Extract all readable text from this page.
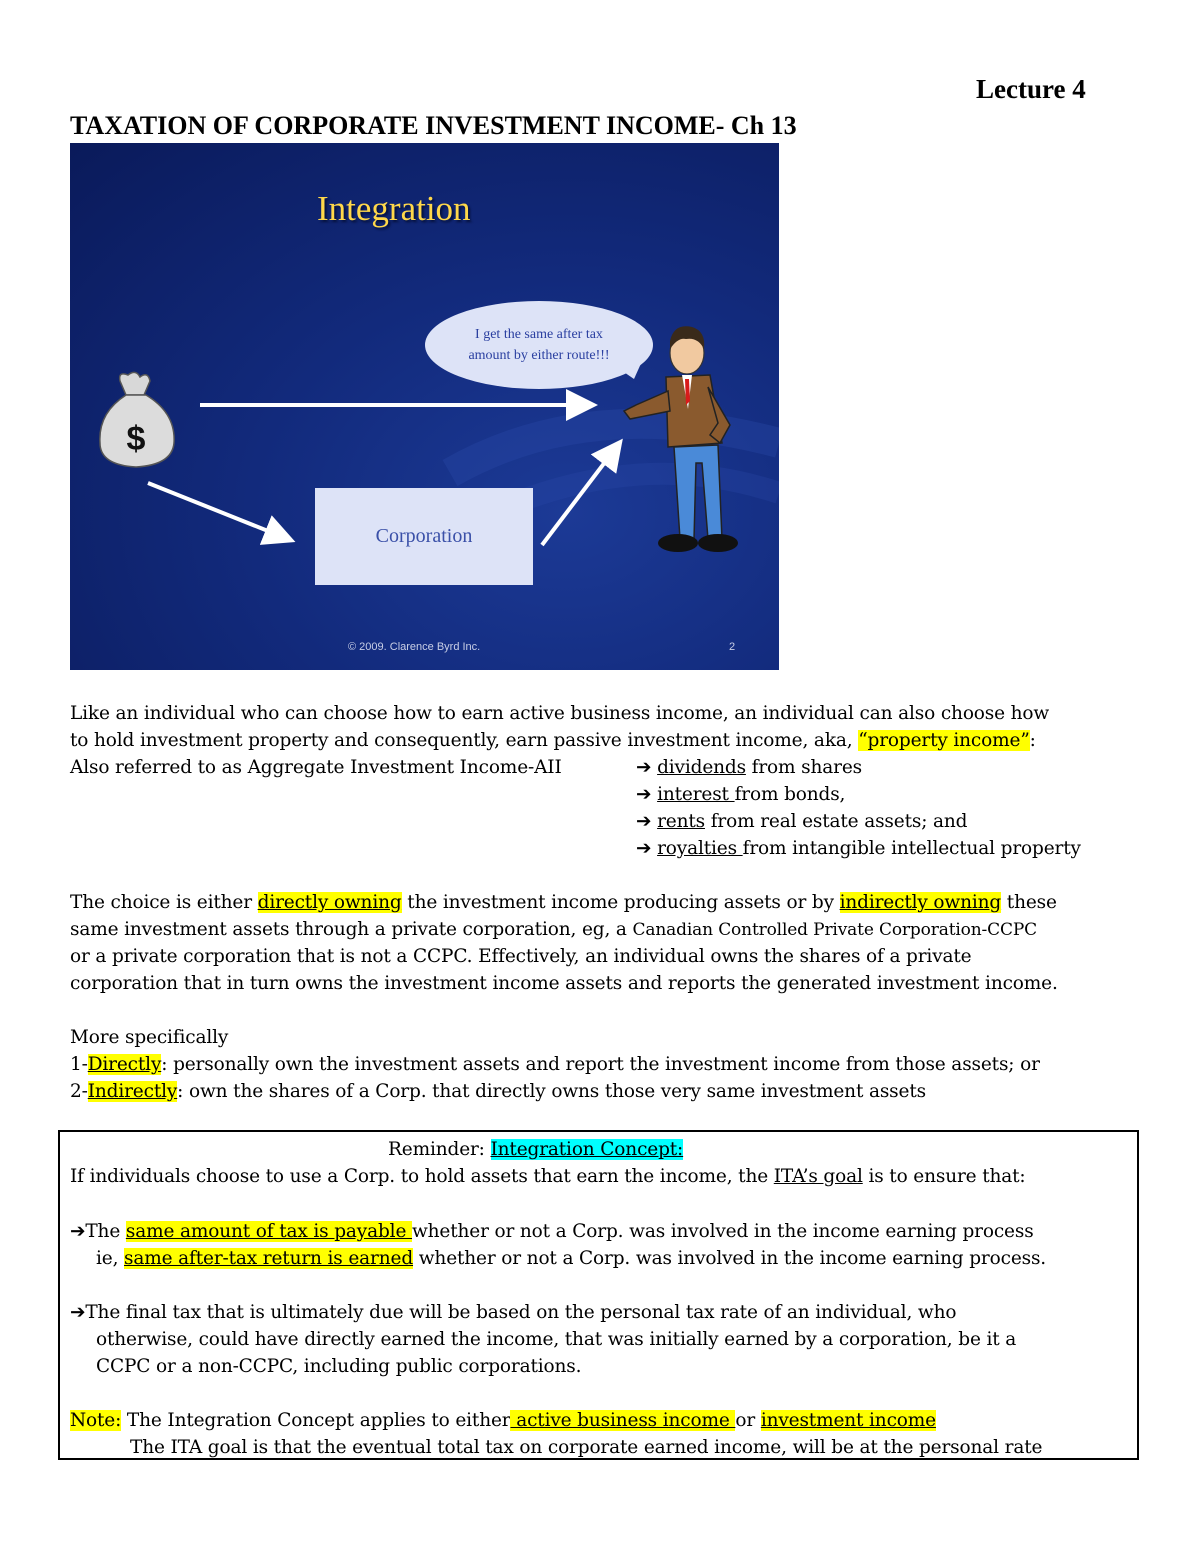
Lecture 4
TAXATION OF CORPORATE INVESTMENT INCOME- Ch 13
$
Integration
I get the same after tax amount by either route!!!
Corporation
© 2009. Clarence Byrd Inc.	2
Like an individual who can choose how to earn active business income, an individual can also choose how
to hold investment property and consequently, earn passive investment income, aka, “property income”:
Also referred to as Aggregate Investment Income-AII	➔ dividends from shares
➔ interest from bonds,
➔ rents from real estate assets; and
➔ royalties from intangible intellectual property
The choice is either directly owning the investment income producing assets or by indirectly owning these
same investment assets through a private corporation, eg, a Canadian Controlled Private Corporation-CCPC
or a private corporation that is not a CCPC. Effectively, an individual owns the shares of a private
corporation that in turn owns the investment income assets and reports the generated investment income.
More specifically
1-Directly: personally own the investment assets and report the investment income from those assets; or
2-Indirectly: own the shares of a Corp. that directly owns those very same investment assets
Reminder: Integration Concept:
If individuals choose to use a Corp. to hold assets that earn the income, the ITA’s goal is to ensure that:
➔The same amount of tax is payable whether or not a Corp. was involved in the income earning process
ie, same after-tax return is earned whether or not a Corp. was involved in the income earning process.
➔The final tax that is ultimately due will be based on the personal tax rate of an individual, who
otherwise, could have directly earned the income, that was initially earned by a corporation, be it a
CCPC or a non-CCPC, including public corporations.
Note: The Integration Concept applies to either active business income or investment income
The ITA goal is that the eventual total tax on corporate earned income, will be at the personal rate
